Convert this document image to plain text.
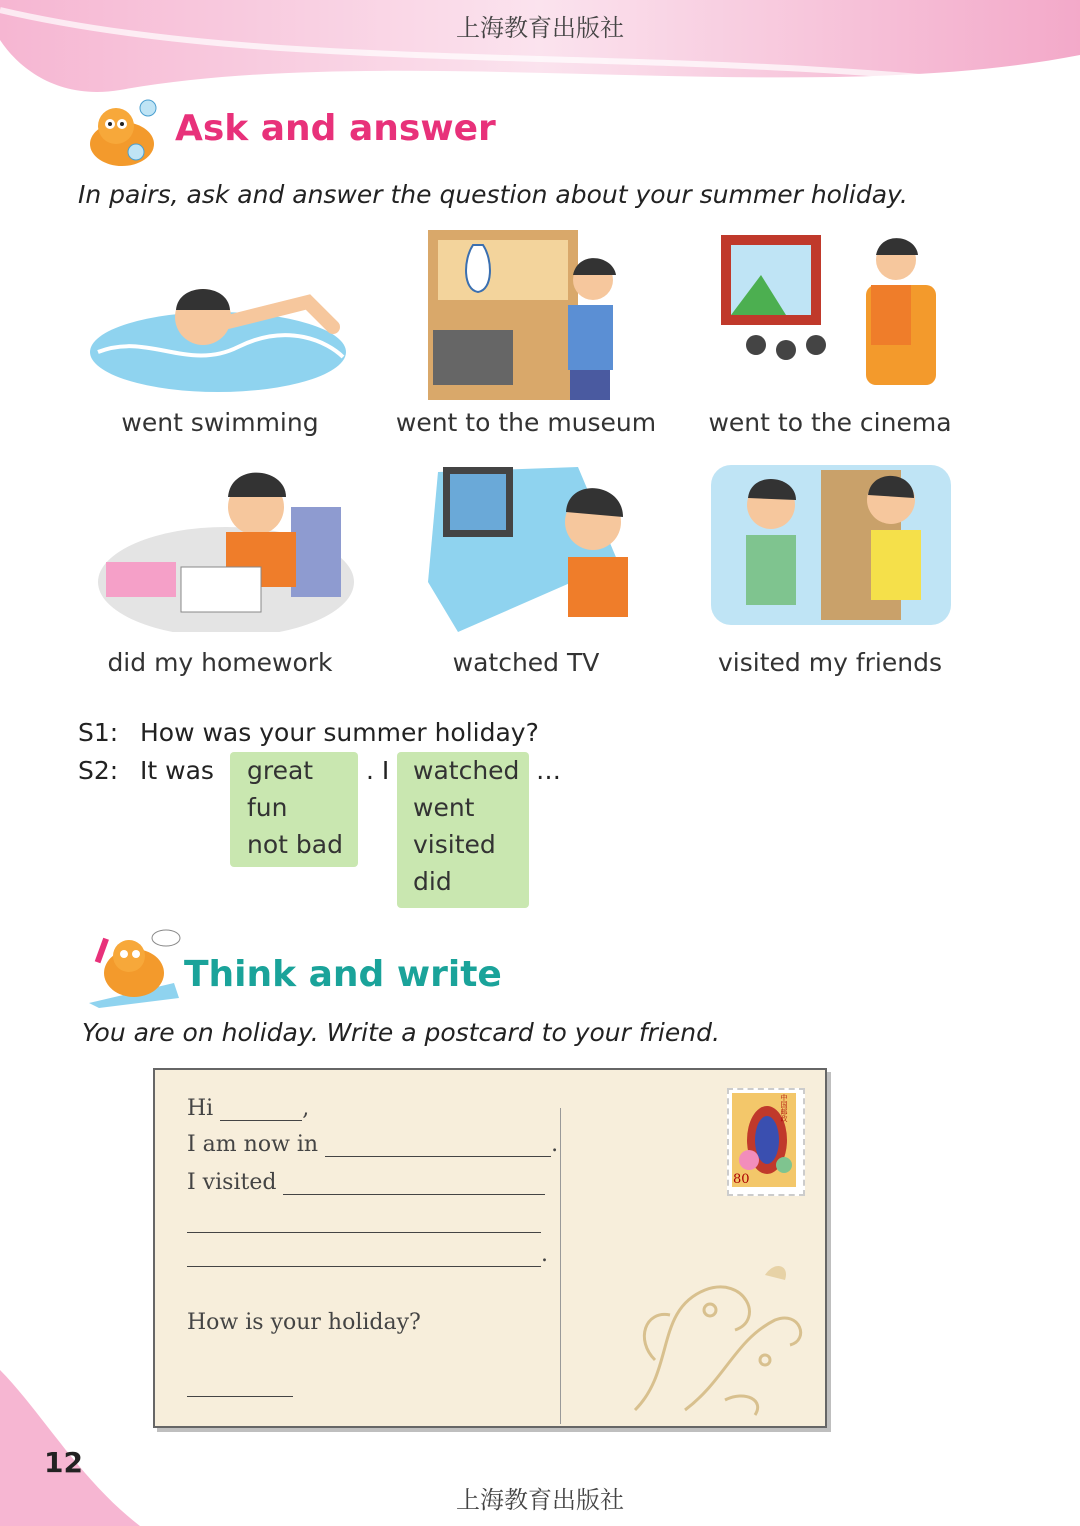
上海教育出版社
Ask and answer
In pairs, ask and answer the question about your summer holiday.
went swimming	went to the museum	went to the cinema
did my homework	watched TV	visited my friends
S1: How was your summer holiday?
S2: It was great
fun
not bad
. I watched
went
visited
did
…
Think and write
You are on holiday. Write a postcard to your friend.
Hi	,
I am now in	.
I visited
.
How is your holiday?
中国邮政
80
12
上海教育出版社
